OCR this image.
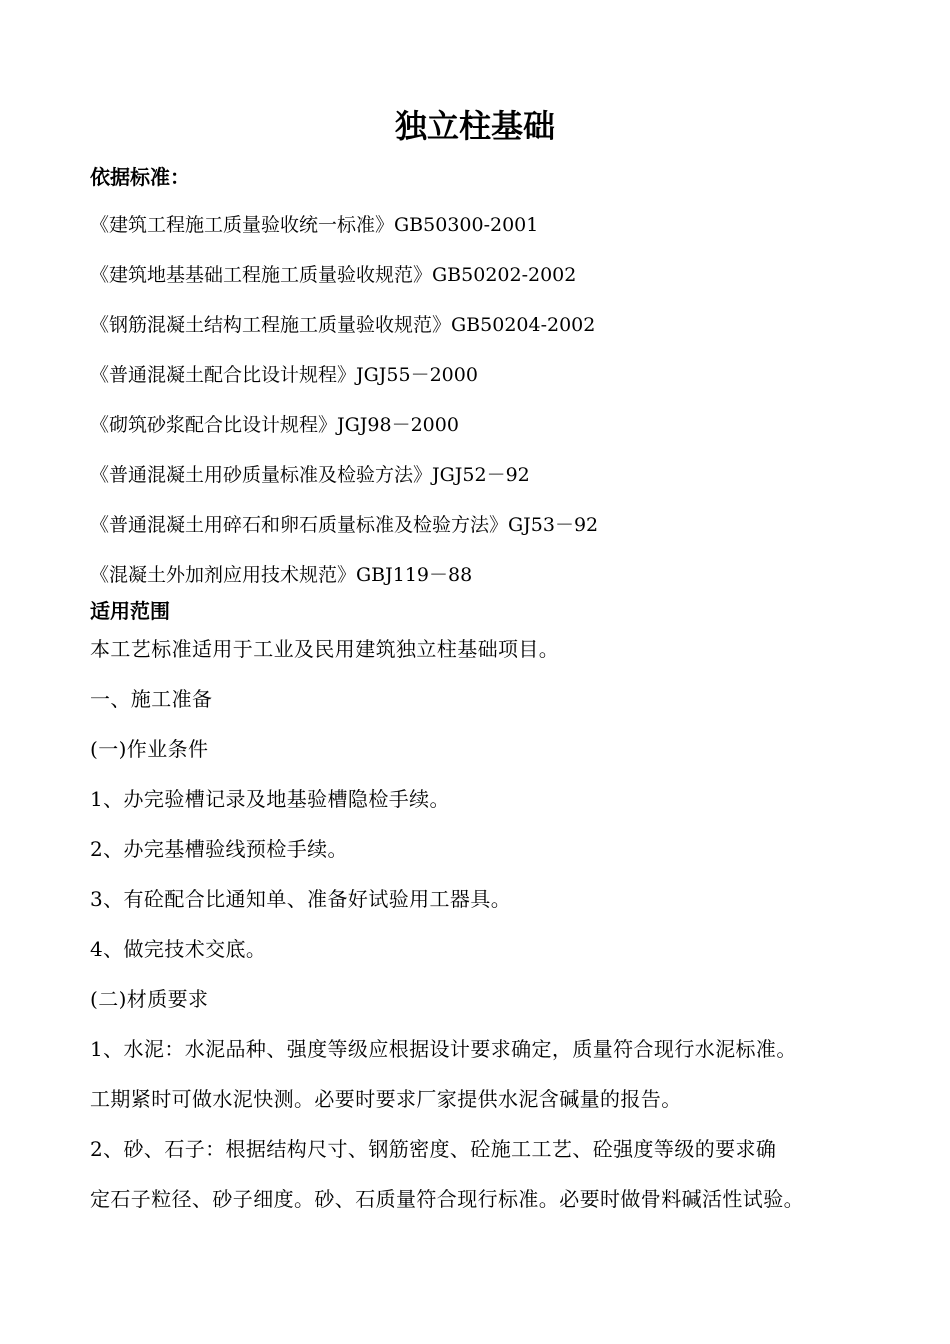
独立柱基础
依据标准：
《建筑工程施工质量验收统一标准》GB50300-2001
《建筑地基基础工程施工质量验收规范》GB50202-2002
《钢筋混凝土结构工程施工质量验收规范》GB50204-2002
《普通混凝土配合比设计规程》JGJ55－2000
《砌筑砂浆配合比设计规程》JGJ98－2000
《普通混凝土用砂质量标准及检验方法》JGJ52－92
《普通混凝土用碎石和卵石质量标准及检验方法》GJ53－92
《混凝土外加剂应用技术规范》GBJ119－88
适用范围
本工艺标准适用于工业及民用建筑独立柱基础项目。
一、施工准备
(一)作业条件
1、办完验槽记录及地基验槽隐检手续。
2、办完基槽验线预检手续。
3、有砼配合比通知单、准备好试验用工器具。
4、做完技术交底。
(二)材质要求
1、水泥：水泥品种、强度等级应根据设计要求确定，质量符合现行水泥标准。
工期紧时可做水泥快测。必要时要求厂家提供水泥含碱量的报告。
2、砂、石子：根据结构尺寸、钢筋密度、砼施工工艺、砼强度等级的要求确
定石子粒径、砂子细度。砂、石质量符合现行标准。必要时做骨料碱活性试验。
